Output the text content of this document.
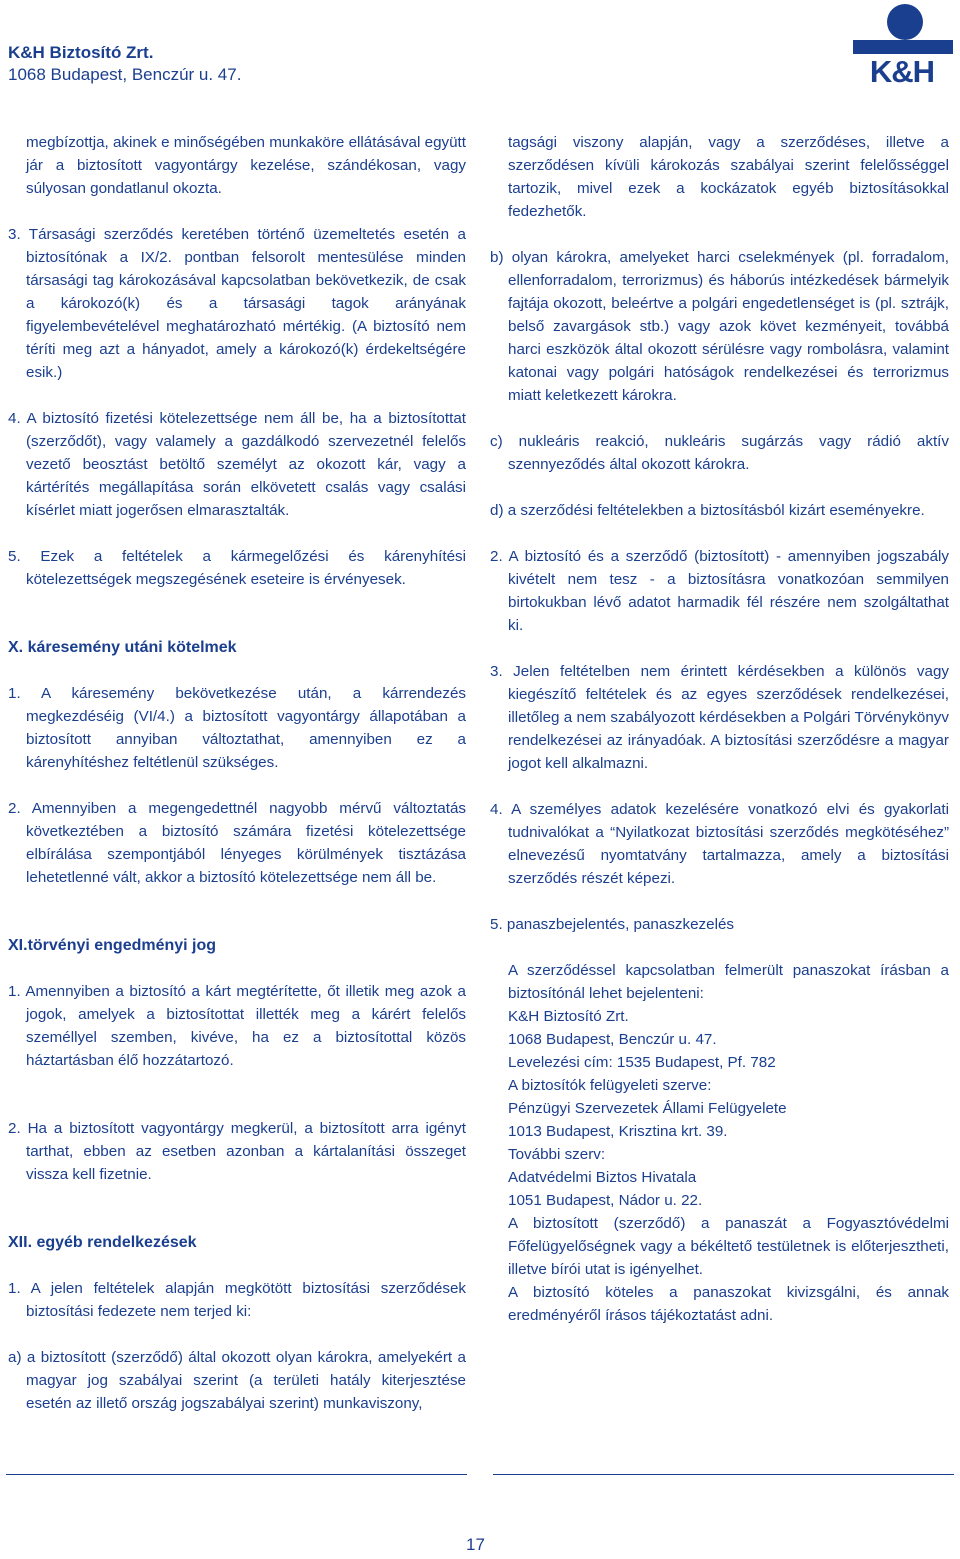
K&H Biztosító Zrt.
1068 Budapest, Benczúr u. 47.	K&H

megbízottja, akinek e minőségében munkaköre ellátásával együtt jár a biztosított vagyontárgy kezelése, szándékosan, vagy súlyosan gondatlanul okozta.

3. Társasági szerződés keretében történő üzemeltetés esetén a biztosítónak a IX/2. pontban felsorolt mentesülése minden társasági tag károkozásával kapcsolatban bekövetkezik, de csak a károkozó(k) és a társasági tagok arányának figyelembevételével meghatározható mértékig. (A biztosító nem téríti meg azt a hányadot, amely a károkozó(k) érdekeltségére esik.)

4. A biztosító fizetési kötelezettsége nem áll be, ha a biztosítottat (szerződőt), vagy valamely a gazdálkodó szervezetnél felelős vezető beosztást betöltő személyt az okozott kár, vagy a kártérítés megállapítása során elkövetett csalás vagy csalási kísérlet miatt jogerősen elmarasztalták.

5. Ezek a feltételek a kármegelőzési és kárenyhítési kötelezettségek megszegésének eseteire is érvényesek.

X. káresemény utáni kötelmek

1. A káresemény bekövetkezése után, a kárrendezés megkezdéséig (VI/4.) a biztosított vagyontárgy állapotában a biztosított annyiban változtathat, amennyiben ez a kárenyhítéshez feltétlenül szükséges.

2. Amennyiben a megengedettnél nagyobb mérvű változtatás következtében a biztosító számára fizetési kötelezettsége elbírálása szempontjából lényeges körülmények tisztázása lehetetlenné vált, akkor a biztosító kötelezettsége nem áll be.

XI.törvényi engedményi jog

1. Amennyiben a biztosító a kárt megtérítette, őt illetik meg azok a jogok, amelyek a biztosítottat illették meg a kárért felelős személlyel szemben, kivéve, ha ez a biztosítottal közös háztartásban élő hozzátartozó.

2. Ha a biztosított vagyontárgy megkerül, a biztosított arra igényt tarthat, ebben az esetben azonban a kártalanítási összeget vissza kell fizetnie.

XII. egyéb rendelkezések

1. A jelen feltételek alapján megkötött biztosítási szerződések biztosítási fedezete nem terjed ki:

a) a biztosított (szerződő) által okozott olyan károkra, amelyekért a magyar jog szabályai szerint (a területi hatály kiterjesztése esetén az illető ország jogszabályai szerint) munkaviszony,

tagsági viszony alapján, vagy a szerződéses, illetve a szerződésen kívüli károkozás szabályai szerint felelősséggel tartozik, mivel ezek a kockázatok egyéb biztosításokkal fedezhetők.

b) olyan károkra, amelyeket harci cselekmények (pl. forradalom, ellenforradalom, terrorizmus) és háborús intézkedések bármelyik fajtája okozott, beleértve a polgári engedetlenséget is (pl. sztrájk, belső zavargások stb.) vagy azok követ kezményeit, továbbá harci eszközök által okozott sérülésre vagy rombolásra, valamint katonai vagy polgári hatóságok rendelkezései és terrorizmus miatt keletkezett károkra.

c) nukleáris reakció, nukleáris sugárzás vagy rádió aktív szennyeződés által okozott károkra.

d) a szerződési feltételekben a biztosításból kizárt eseményekre.

2. A biztosító és a szerződő (biztosított) - amennyiben jogszabály kivételt nem tesz - a biztosításra vonatkozóan semmilyen birtokukban lévő adatot harmadik fél részére nem szolgáltathat ki.

3. Jelen feltételben nem érintett kérdésekben a különös vagy kiegészítő feltételek és az egyes szerződések rendelkezései, illetőleg a nem szabályozott kérdésekben a Polgári Törvénykönyv rendelkezései az irányadóak. A biztosítási szerződésre a magyar jogot kell alkalmazni.

4. A személyes adatok kezelésére vonatkozó elvi és gyakorlati tudnivalókat a “Nyilatkozat biztosítási szerződés megkötéséhez” elnevezésű nyomtatvány tartalmazza, amely a biztosítási szerződés részét képezi.

5. panaszbejelentés, panaszkezelés

A szerződéssel kapcsolatban felmerült panaszokat írásban a biztosítónál lehet bejelenteni:

K&H Biztosító Zrt.

1068 Budapest, Benczúr u. 47.

Levelezési cím: 1535 Budapest, Pf. 782

A biztosítók felügyeleti szerve:

Pénzügyi Szervezetek Állami Felügyelete

1013 Budapest, Krisztina krt. 39.

További szerv:

Adatvédelmi Biztos Hivatala

1051 Budapest, Nádor u. 22.

A biztosított (szerződő) a panaszát a Fogyasztóvédelmi Főfelügyelőségnek vagy a békéltető testületnek is előterjesztheti, illetve bírói utat is igényelhet.

A biztosító köteles a panaszokat kivizsgálni, és annak eredményéről írásos tájékoztatást adni.

17
